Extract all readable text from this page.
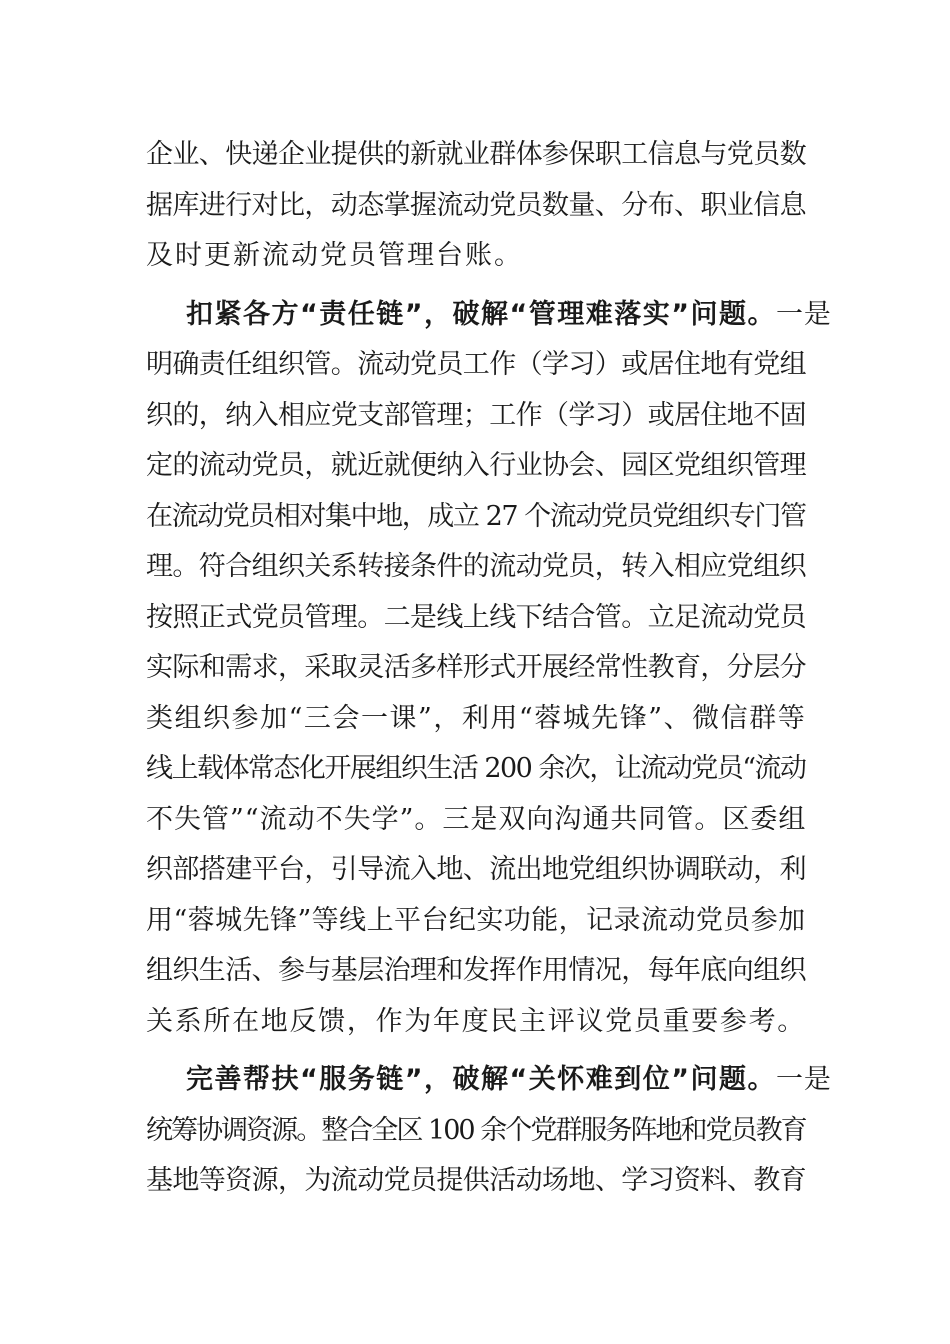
企业、快递企业提供的新就业群体参保职工信息与党员数
据库进行对比，动态掌握流动党员数量、分布、职业信息
及时更新流动党员管理台账。
扣紧各方“责任链”，破解“管理难落实”问题。一是
明确责任组织管。流动党员工作（学习）或居住地有党组
织的，纳入相应党支部管理；工作（学习）或居住地不固
定的流动党员，就近就便纳入行业协会、园区党组织管理
在流动党员相对集中地，成立 27 个流动党员党组织专门管
理。符合组织关系转接条件的流动党员，转入相应党组织
按照正式党员管理。二是线上线下结合管。立足流动党员
实际和需求，采取灵活多样形式开展经常性教育，分层分
类组织参加“三会一课”，利用“蓉城先锋”、微信群等
线上载体常态化开展组织生活 200 余次，让流动党员“流动
不失管”“流动不失学”。三是双向沟通共同管。区委组
织部搭建平台，引导流入地、流出地党组织协调联动，利
用“蓉城先锋”等线上平台纪实功能，记录流动党员参加
组织生活、参与基层治理和发挥作用情况，每年底向组织
关系所在地反馈，作为年度民主评议党员重要参考。
完善帮扶“服务链”，破解“关怀难到位”问题。一是
统筹协调资源。整合全区 100 余个党群服务阵地和党员教育
基地等资源，为流动党员提供活动场地、学习资料、教育
